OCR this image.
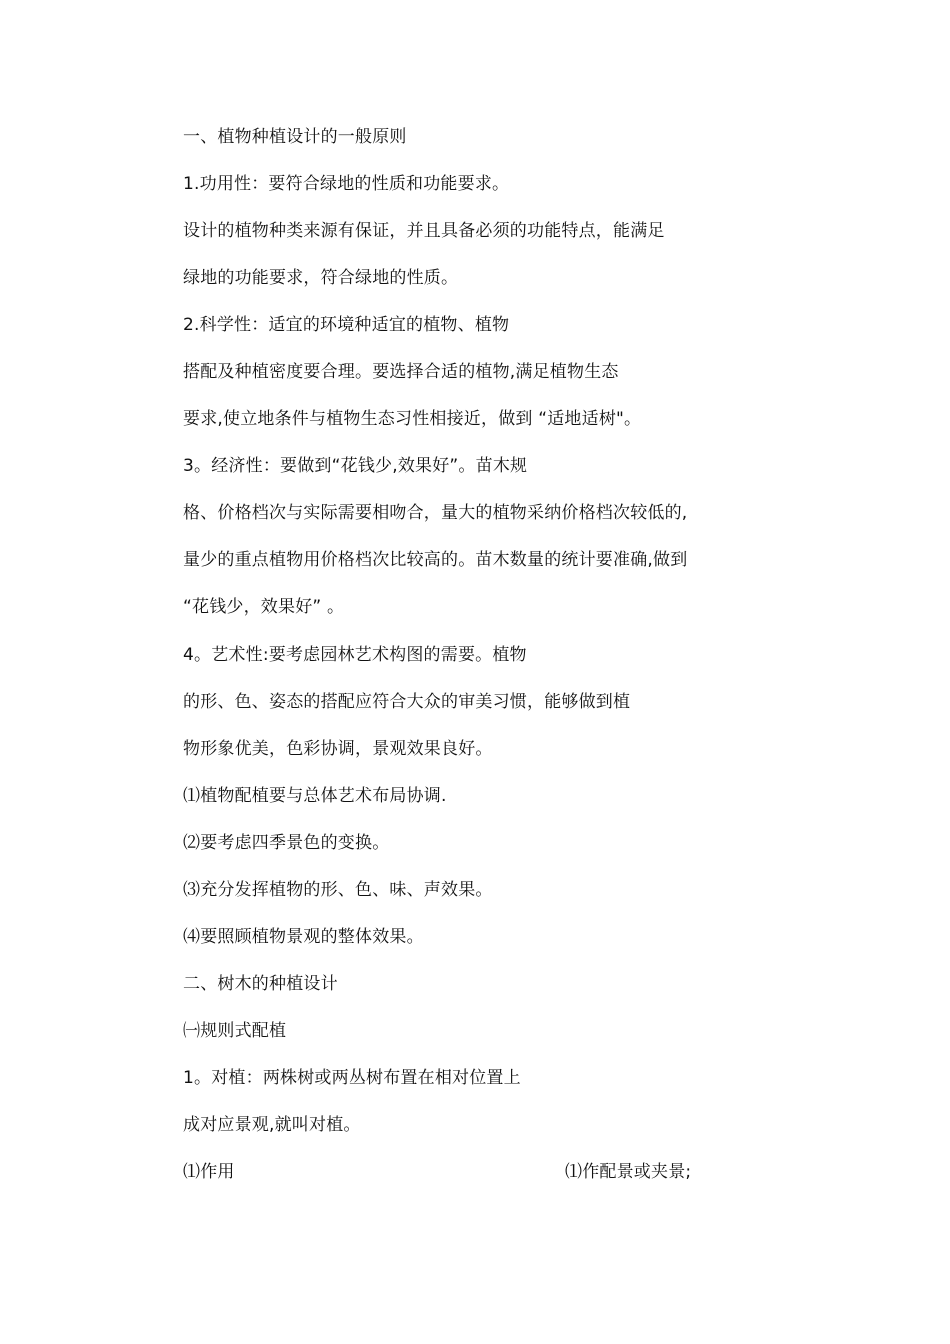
一、植物种植设计的一般原则
1.功用性：要符合绿地的性质和功能要求。
设计的植物种类来源有保证，并且具备必须的功能特点，能满足
绿地的功能要求，符合绿地的性质。
2.科学性：适宜的环境种适宜的植物、植物
搭配及种植密度要合理。要选择合适的植物,满足植物生态
要求,使立地条件与植物生态习性相接近，做到 “适地适树"。
3。经济性：要做到“花钱少,效果好”。苗木规
格、价格档次与实际需要相吻合，量大的植物采纳价格档次较低的,
量少的重点植物用价格档次比较高的。苗木数量的统计要准确,做到
“花钱少，效果好” 。
4。艺术性:要考虑园林艺术构图的需要。植物
的形、色、姿态的搭配应符合大众的审美习惯，能够做到植
物形象优美，色彩协调，景观效果良好。
⑴植物配植要与总体艺术布局协调.
⑵要考虑四季景色的变换。
⑶充分发挥植物的形、色、味、声效果。
⑷要照顾植物景观的整体效果。
二、树木的种植设计
㈠规则式配植
1。对植：两株树或两丛树布置在相对位置上
成对应景观,就叫对植。
⑴作用	⑴作配景或夹景;
